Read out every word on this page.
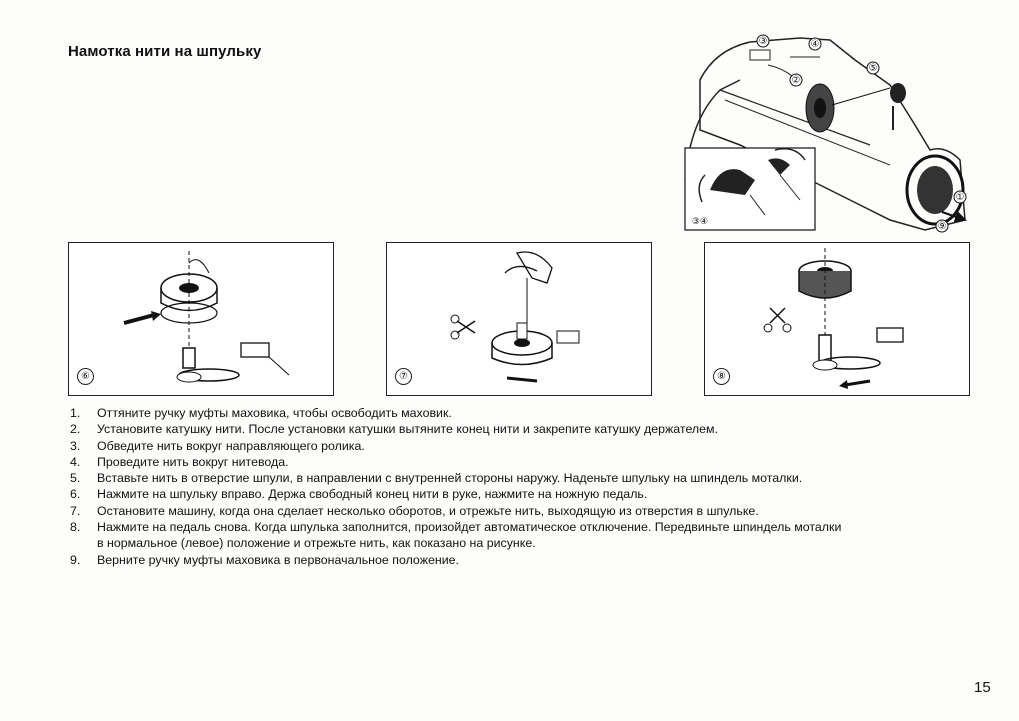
Намотка нити на шпульку
③	④
②
⑤
①
⑨
③④
⑥	⑦	⑧
1. Оттяните ручку муфты маховика, чтобы освободить маховик.
2. Установите катушку нити. После установки катушки вытяните конец нити и закрепите катушку держателем.
3. Обведите нить вокруг направляющего ролика.
4. Проведите нить вокруг нитевода.
5. Вставьте нить в отверстие шпули, в направлении с внутренней стороны наружу. Наденьте шпульку на шпиндель моталки.
6. Нажмите на шпульку вправо. Держа свободный конец нити в руке, нажмите на ножную педаль.
7. Остановите машину, когда она сделает несколько оборотов, и отрежьте нить, выходящую из отверстия в шпульке.
8. Нажмите на педаль снова. Когда шпулька заполнится, произойдет автоматическое отключение. Передвиньте шпиндель моталки
в нормальное (левое) положение и отрежьте нить, как показано на рисунке.
9. Верните ручку муфты маховика в первоначальное положение.
15
